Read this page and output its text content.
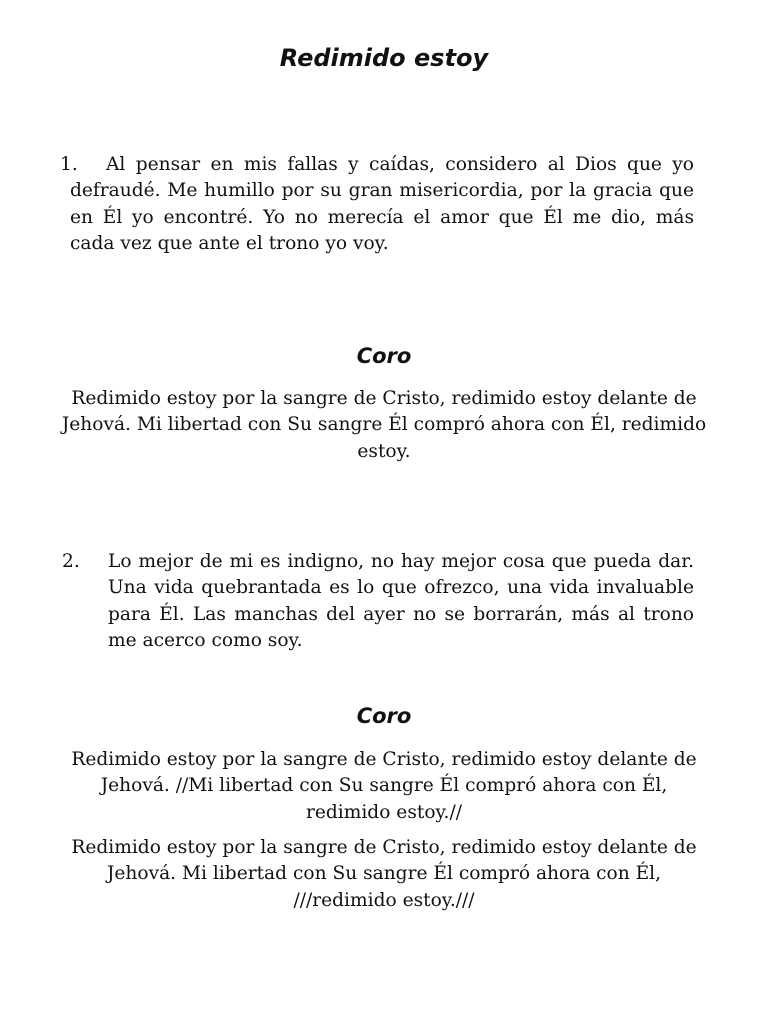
Redimido estoy
1. Al pensar en mis fallas y caídas, considero al Dios que yo defraudé. Me humillo por su gran misericordia, por la gracia que en Él yo encontré. Yo no merecía el amor que Él me dio, más cada vez que ante el trono yo voy.
Coro
Redimido estoy por la sangre de Cristo, redimido estoy delante de Jehová. Mi libertad con Su sangre Él compró ahora con Él, redimido estoy.
2. Lo mejor de mi es indigno, no hay mejor cosa que pueda dar. Una vida quebrantada es lo que ofrezco, una vida invaluable para Él. Las manchas del ayer no se borrarán, más al trono me acerco como soy.
Coro
Redimido estoy por la sangre de Cristo, redimido estoy delante de Jehová. //Mi libertad con Su sangre Él compró ahora con Él, redimido estoy.//
Redimido estoy por la sangre de Cristo, redimido estoy delante de Jehová. Mi libertad con Su sangre Él compró ahora con Él, ///redimido estoy.///
